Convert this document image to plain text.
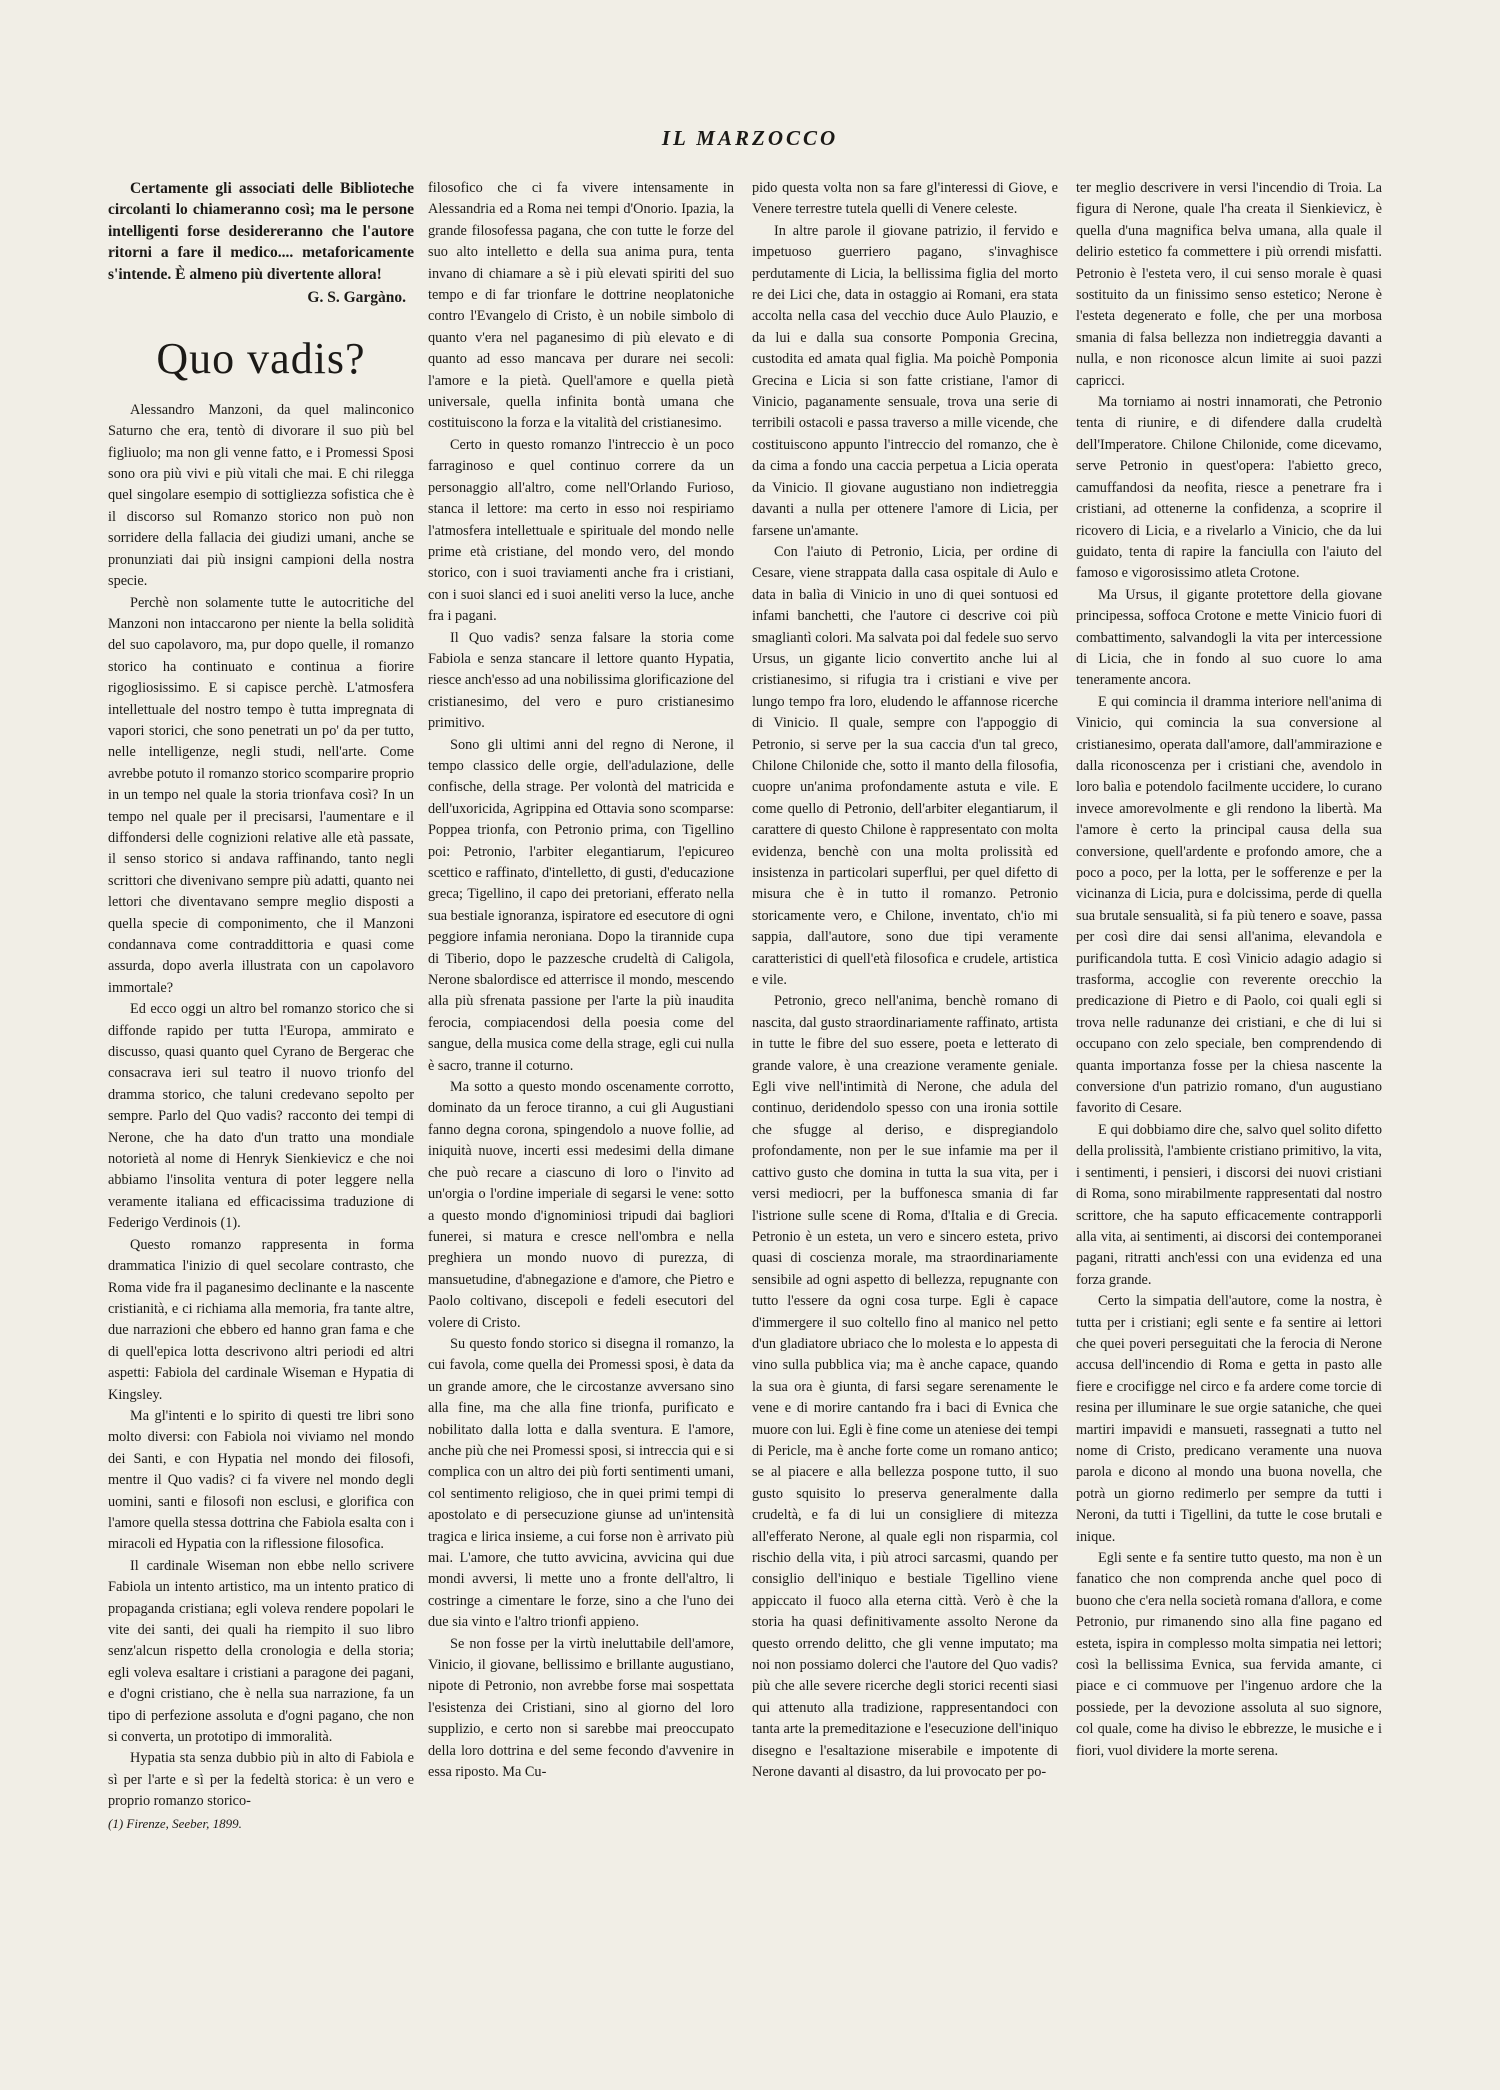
IL MARZOCCO

Certamente gli associati delle Biblioteche circolanti lo chiameranno così; ma le persone intelligenti forse desidereranno che l'autore ritorni a fare il medico.... metaforicamente s'intende. È almeno più divertente allora!

G. S. Gargàno.
Quo vadis?

Alessandro Manzoni, da quel malinconico Saturno che era, tentò di divorare il suo più bel figliuolo; ma non gli venne fatto, e i Promessi Sposi sono ora più vivi e più vitali che mai. E chi rilegga quel singolare esempio di sottigliezza sofistica che è il discorso sul Romanzo storico non può non sorridere della fallacia dei giudizi umani, anche se pronunziati dai più insigni campioni della nostra specie.

Perchè non solamente tutte le autocritiche del Manzoni non intaccarono per niente la bella solidità del suo capolavoro, ma, pur dopo quelle, il romanzo storico ha continuato e continua a fiorire rigogliosissimo. E si capisce perchè. L'atmosfera intellettuale del nostro tempo è tutta impregnata di vapori storici, che sono penetrati un po' da per tutto, nelle intelligenze, negli studi, nell'arte. Come avrebbe potuto il romanzo storico scomparire proprio in un tempo nel quale la storia trionfava così? In un tempo nel quale per il precisarsi, l'aumentare e il diffondersi delle cognizioni relative alle età passate, il senso storico si andava raffinando, tanto negli scrittori che divenivano sempre più adatti, quanto nei lettori che diventavano sempre meglio disposti a quella specie di componimento, che il Manzoni condannava come contraddittoria e quasi come assurda, dopo averla illustrata con un capolavoro immortale?

Ed ecco oggi un altro bel romanzo storico che si diffonde rapido per tutta l'Europa, ammirato e discusso, quasi quanto quel Cyrano de Bergerac che consacrava ieri sul teatro il nuovo trionfo del dramma storico, che taluni credevano sepolto per sempre. Parlo del Quo vadis? racconto dei tempi di Nerone, che ha dato d'un tratto una mondiale notorietà al nome di Henryk Sienkievicz e che noi abbiamo l'insolita ventura di poter leggere nella veramente italiana ed efficacissima traduzione di Federigo Verdinois (1).

Questo romanzo rappresenta in forma drammatica l'inizio di quel secolare contrasto, che Roma vide fra il paganesimo declinante e la nascente cristianità, e ci richiama alla memoria, fra tante altre, due narrazioni che ebbero ed hanno gran fama e che di quell'epica lotta descrivono altri periodi ed altri aspetti: Fabiola del cardinale Wiseman e Hypatia di Kingsley.

Ma gl'intenti e lo spirito di questi tre libri sono molto diversi: con Fabiola noi viviamo nel mondo dei Santi, e con Hypatia nel mondo dei filosofi, mentre il Quo vadis? ci fa vivere nel mondo degli uomini, santi e filosofi non esclusi, e glorifica con l'amore quella stessa dottrina che Fabiola esalta con i miracoli ed Hypatia con la riflessione filosofica.

Il cardinale Wiseman non ebbe nello scrivere Fabiola un intento artistico, ma un intento pratico di propaganda cristiana; egli voleva rendere popolari le vite dei santi, dei quali ha riempito il suo libro senz'alcun rispetto della cronologia e della storia; egli voleva esaltare i cristiani a paragone dei pagani, e d'ogni cristiano, che è nella sua narrazione, fa un tipo di perfezione assoluta e d'ogni pagano, che non si converta, un prototipo di immoralità.

Hypatia sta senza dubbio più in alto di Fabiola e sì per l'arte e sì per la fedeltà storica: è un vero e proprio romanzo storico-

(1) Firenze, Seeber, 1899.

filosofico che ci fa vivere intensamente in Alessandria ed a Roma nei tempi d'Onorio. Ipazia, la grande filosofessa pagana, che con tutte le forze del suo alto intelletto e della sua anima pura, tenta invano di chiamare a sè i più elevati spiriti del suo tempo e di far trionfare le dottrine neoplatoniche contro l'Evangelo di Cristo, è un nobile simbolo di quanto v'era nel paganesimo di più elevato e di quanto ad esso mancava per durare nei secoli: l'amore e la pietà. Quell'amore e quella pietà universale, quella infinita bontà umana che costituiscono la forza e la vitalità del cristianesimo.

Certo in questo romanzo l'intreccio è un poco farraginoso e quel continuo correre da un personaggio all'altro, come nell'Orlando Furioso, stanca il lettore: ma certo in esso noi respiriamo l'atmosfera intellettuale e spirituale del mondo nelle prime età cristiane, del mondo vero, del mondo storico, con i suoi traviamenti anche fra i cristiani, con i suoi slanci ed i suoi aneliti verso la luce, anche fra i pagani.

Il Quo vadis? senza falsare la storia come Fabiola e senza stancare il lettore quanto Hypatia, riesce anch'esso ad una nobilissima glorificazione del cristianesimo, del vero e puro cristianesimo primitivo.

Sono gli ultimi anni del regno di Nerone, il tempo classico delle orgie, dell'adulazione, delle confische, della strage. Per volontà del matricida e dell'uxoricida, Agrippina ed Ottavia sono scomparse: Poppea trionfa, con Petronio prima, con Tigellino poi: Petronio, l'arbiter elegantiarum, l'epicureo scettico e raffinato, d'intelletto, di gusti, d'educazione greca; Tigellino, il capo dei pretoriani, efferato nella sua bestiale ignoranza, ispiratore ed esecutore di ogni peggiore infamia neroniana. Dopo la tirannide cupa di Tiberio, dopo le pazzesche crudeltà di Caligola, Nerone sbalordisce ed atterrisce il mondo, mescendo alla più sfrenata passione per l'arte la più inaudita ferocia, compiacendosi della poesia come del sangue, della musica come della strage, egli cui nulla è sacro, tranne il coturno.

Ma sotto a questo mondo oscenamente corrotto, dominato da un feroce tiranno, a cui gli Augustiani fanno degna corona, spingendolo a nuove follie, ad iniquità nuove, incerti essi medesimi della dimane che può recare a ciascuno di loro o l'invito ad un'orgia o l'ordine imperiale di segarsi le vene: sotto a questo mondo d'ignominiosi tripudi dai bagliori funerei, si matura e cresce nell'ombra e nella preghiera un mondo nuovo di purezza, di mansuetudine, d'abnegazione e d'amore, che Pietro e Paolo coltivano, discepoli e fedeli esecutori del volere di Cristo.

Su questo fondo storico si disegna il romanzo, la cui favola, come quella dei Promessi sposi, è data da un grande amore, che le circostanze avversano sino alla fine, ma che alla fine trionfa, purificato e nobilitato dalla lotta e dalla sventura. E l'amore, anche più che nei Promessi sposi, si intreccia qui e si complica con un altro dei più forti sentimenti umani, col sentimento religioso, che in quei primi tempi di apostolato e di persecuzione giunse ad un'intensità tragica e lirica insieme, a cui forse non è arrivato più mai. L'amore, che tutto avvicina, avvicina qui due mondi avversi, li mette uno a fronte dell'altro, li costringe a cimentare le forze, sino a che l'uno dei due sia vinto e l'altro trionfi appieno.

Se non fosse per la virtù ineluttabile dell'amore, Vinicio, il giovane, bellissimo e brillante augustiano, nipote di Petronio, non avrebbe forse mai sospettata l'esistenza dei Cristiani, sino al giorno del loro supplizio, e certo non si sarebbe mai preoccupato della loro dottrina e del seme fecondo d'avvenire in essa riposto. Ma Cu-

pido questa volta non sa fare gl'interessi di Giove, e Venere terrestre tutela quelli di Venere celeste.

In altre parole il giovane patrizio, il fervido e impetuoso guerriero pagano, s'invaghisce perdutamente di Licia, la bellissima figlia del morto re dei Lici che, data in ostaggio ai Romani, era stata accolta nella casa del vecchio duce Aulo Plauzio, e da lui e dalla sua consorte Pomponia Grecina, custodita ed amata qual figlia. Ma poichè Pomponia Grecina e Licia si son fatte cristiane, l'amor di Vinicio, paganamente sensuale, trova una serie di terribili ostacoli e passa traverso a mille vicende, che costituiscono appunto l'intreccio del romanzo, che è da cima a fondo una caccia perpetua a Licia operata da Vinicio. Il giovane augustiano non indietreggia davanti a nulla per ottenere l'amore di Licia, per farsene un'amante.

Con l'aiuto di Petronio, Licia, per ordine di Cesare, viene strappata dalla casa ospitale di Aulo e data in balìa di Vinicio in uno di quei sontuosi ed infami banchetti, che l'autore ci descrive coi più smagliantì colori. Ma salvata poi dal fedele suo servo Ursus, un gigante licio convertito anche lui al cristianesimo, si rifugia tra i cristiani e vive per lungo tempo fra loro, eludendo le affannose ricerche di Vinicio. Il quale, sempre con l'appoggio di Petronio, si serve per la sua caccia d'un tal greco, Chilone Chilonide che, sotto il manto della filosofia, cuopre un'anima profondamente astuta e vile. E come quello di Petronio, dell'arbiter elegantiarum, il carattere di questo Chilone è rappresentato con molta evidenza, benchè con una molta prolissità ed insistenza in particolari superflui, per quel difetto di misura che è in tutto il romanzo. Petronio storicamente vero, e Chilone, inventato, ch'io mi sappia, dall'autore, sono due tipi veramente caratteristici di quell'età filosofica e crudele, artistica e vile.

Petronio, greco nell'anima, benchè romano di nascita, dal gusto straordinariamente raffinato, artista in tutte le fibre del suo essere, poeta e letterato di grande valore, è una creazione veramente geniale. Egli vive nell'intimità di Nerone, che adula del continuo, deridendolo spesso con una ironia sottile che sfugge al deriso, e dispregiandolo profondamente, non per le sue infamie ma per il cattivo gusto che domina in tutta la sua vita, per i versi mediocri, per la buffonesca smania di far l'istrione sulle scene di Roma, d'Italia e di Grecia. Petronio è un esteta, un vero e sincero esteta, privo quasi di coscienza morale, ma straordinariamente sensibile ad ogni aspetto di bellezza, repugnante con tutto l'essere da ogni cosa turpe. Egli è capace d'immergere il suo coltello fino al manico nel petto d'un gladiatore ubriaco che lo molesta e lo appesta di vino sulla pubblica via; ma è anche capace, quando la sua ora è giunta, di farsi segare serenamente le vene e di morire cantando fra i baci di Evnica che muore con lui. Egli è fine come un ateniese dei tempi di Pericle, ma è anche forte come un romano antico; se al piacere e alla bellezza pospone tutto, il suo gusto squisito lo preserva generalmente dalla crudeltà, e fa di lui un consigliere di mitezza all'efferato Nerone, al quale egli non risparmia, col rischio della vita, i più atroci sarcasmi, quando per consiglio dell'iniquo e bestiale Tigellino viene appiccato il fuoco alla eterna città. Verò è che la storia ha quasi definitivamente assolto Nerone da questo orrendo delitto, che gli venne imputato; ma noi non possiamo dolerci che l'autore del Quo vadis? più che alle severe ricerche degli storici recenti siasi qui attenuto alla tradizione, rappresentandoci con tanta arte la premeditazione e l'esecuzione dell'iniquo disegno e l'esaltazione miserabile e impotente di Nerone davanti al disastro, da lui provocato per po-

ter meglio descrivere in versi l'incendio di Troia. La figura di Nerone, quale l'ha creata il Sienkievicz, è quella d'una magnifica belva umana, alla quale il delirio estetico fa commettere i più orrendi misfatti. Petronio è l'esteta vero, il cui senso morale è quasi sostituito da un finissimo senso estetico; Nerone è l'esteta degenerato e folle, che per una morbosa smania di falsa bellezza non indietreggia davanti a nulla, e non riconosce alcun limite ai suoi pazzi capricci.

Ma torniamo ai nostri innamorati, che Petronio tenta di riunire, e di difendere dalla crudeltà dell'Imperatore. Chilone Chilonide, come dicevamo, serve Petronio in quest'opera: l'abietto greco, camuffandosi da neofita, riesce a penetrare fra i cristiani, ad ottenerne la confidenza, a scoprire il ricovero di Licia, e a rivelarlo a Vinicio, che da lui guidato, tenta di rapire la fanciulla con l'aiuto del famoso e vigorosissimo atleta Crotone.

Ma Ursus, il gigante protettore della giovane principessa, soffoca Crotone e mette Vinicio fuori di combattimento, salvandogli la vita per intercessione di Licia, che in fondo al suo cuore lo ama teneramente ancora.

E qui comincia il dramma interiore nell'anima di Vinicio, qui comincia la sua conversione al cristianesimo, operata dall'amore, dall'ammirazione e dalla riconoscenza per i cristiani che, avendolo in loro balìa e potendolo facilmente uccidere, lo curano invece amorevolmente e gli rendono la libertà. Ma l'amore è certo la principal causa della sua conversione, quell'ardente e profondo amore, che a poco a poco, per la lotta, per le sofferenze e per la vicinanza di Licia, pura e dolcissima, perde di quella sua brutale sensualità, si fa più tenero e soave, passa per così dire dai sensi all'anima, elevandola e purificandola tutta. E così Vinicio adagio adagio si trasforma, accoglie con reverente orecchio la predicazione di Pietro e di Paolo, coi quali egli si trova nelle radunanze dei cristiani, e che di lui si occupano con zelo speciale, ben comprendendo di quanta importanza fosse per la chiesa nascente la conversione d'un patrizio romano, d'un augustiano favorito di Cesare.

E qui dobbiamo dire che, salvo quel solito difetto della prolissità, l'ambiente cristiano primitivo, la vita, i sentimenti, i pensieri, i discorsi dei nuovi cristiani di Roma, sono mirabilmente rappresentati dal nostro scrittore, che ha saputo efficacemente contrapporli alla vita, ai sentimenti, ai discorsi dei contemporanei pagani, ritratti anch'essi con una evidenza ed una forza grande.

Certo la simpatia dell'autore, come la nostra, è tutta per i cristiani; egli sente e fa sentire ai lettori che quei poveri perseguitati che la ferocia di Nerone accusa dell'incendio di Roma e getta in pasto alle fiere e crocifigge nel circo e fa ardere come torcie di resina per illuminare le sue orgie sataniche, che quei martiri impavidi e mansueti, rassegnati a tutto nel nome di Cristo, predicano veramente una nuova parola e dicono al mondo una buona novella, che potrà un giorno redimerlo per sempre da tutti i Neroni, da tutti i Tigellini, da tutte le cose brutali e inique.

Egli sente e fa sentire tutto questo, ma non è un fanatico che non comprenda anche quel poco di buono che c'era nella società romana d'allora, e come Petronio, pur rimanendo sino alla fine pagano ed esteta, ispira in complesso molta simpatia nei lettori; così la bellissima Evnica, sua fervida amante, ci piace e ci commuove per l'ingenuo ardore che la possiede, per la devozione assoluta al suo signore, col quale, come ha diviso le ebbrezze, le musiche e i fiori, vuol dividere la morte serena.
